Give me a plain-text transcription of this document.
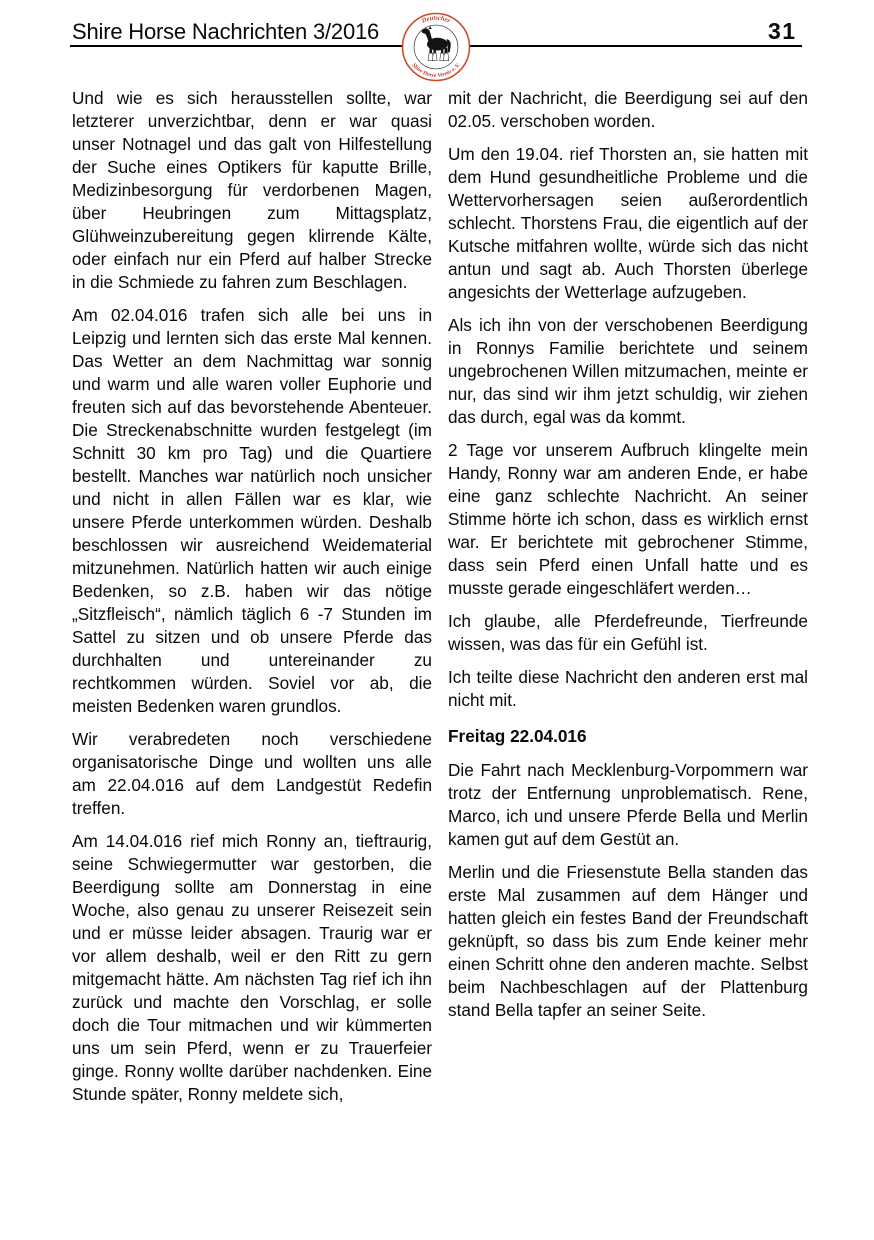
Shire Horse Nachrichten 3/2016	31
Deutscher
Shire Horse Verein e. V.

Und wie es sich herausstellen sollte, war letzterer unverzichtbar, denn er war quasi unser Notnagel und das galt von Hilfestellung der Suche eines Optikers für kaputte Brille, Medizinbesorgung für verdorbenen Magen, über Heubringen zum Mittagsplatz, Glühweinzubereitung gegen klirrende Kälte, oder einfach nur ein Pferd auf halber Strecke in die Schmiede zu fahren zum Beschlagen.

Am 02.04.016 trafen sich alle bei uns in Leipzig und lernten sich das erste Mal kennen. Das Wetter an dem Nachmittag war sonnig und warm und alle waren voller Euphorie und freuten sich auf das bevorstehende Abenteuer. Die Streckenabschnitte wurden festgelegt (im Schnitt 30 km pro Tag) und die Quartiere bestellt. Manches war natürlich noch unsicher und nicht in allen Fällen war es klar, wie unsere Pferde unterkommen würden. Deshalb beschlossen wir ausreichend Weidematerial mitzunehmen. Natürlich hatten wir auch einige Bedenken, so z.B. haben wir das nötige „Sitzfleisch“, nämlich täglich 6 -7 Stunden im Sattel zu sitzen und ob unsere Pferde das durchhalten und untereinander zu rechtkommen würden. Soviel vor ab, die meisten Bedenken waren grundlos.

Wir verabredeten noch verschiedene organisatorische Dinge und wollten uns alle am 22.04.016 auf dem Landgestüt Redefin treffen.

Am 14.04.016 rief mich Ronny an, tieftraurig, seine Schwiegermutter war gestorben, die Beerdigung sollte am Donnerstag in eine Woche, also genau zu unserer Reisezeit sein und er müsse leider absagen. Traurig war er vor allem deshalb, weil er den Ritt zu gern mitgemacht hätte. Am nächsten Tag rief ich ihn zurück und machte den Vorschlag, er solle doch die Tour mitmachen und wir kümmerten uns um sein Pferd, wenn er zu Trauerfeier ginge. Ronny wollte darüber nachdenken. Eine Stunde später, Ronny meldete sich,

mit der Nachricht, die Beerdigung sei auf den 02.05. verschoben worden.

Um den 19.04. rief Thorsten an, sie hatten mit dem Hund gesundheitliche Probleme und die Wettervorhersagen seien außerordentlich schlecht. Thorstens Frau, die eigentlich auf der Kutsche mitfahren wollte, würde sich das nicht antun und sagt ab. Auch Thorsten überlege angesichts der Wetterlage aufzugeben.

Als ich ihn von der verschobenen Beerdigung in Ronnys Familie berichtete und seinem ungebrochenen Willen mitzumachen, meinte er nur, das sind wir ihm jetzt schuldig, wir ziehen das durch, egal was da kommt.

2 Tage vor unserem Aufbruch klingelte mein Handy, Ronny war am anderen Ende, er habe eine ganz schlechte Nachricht. An seiner Stimme hörte ich schon, dass es wirklich ernst war. Er berichtete mit gebrochener Stimme, dass sein Pferd einen Unfall hatte und es musste gerade eingeschläfert werden…

Ich glaube, alle Pferdefreunde, Tierfreunde wissen, was das für ein Gefühl ist.

Ich teilte diese Nachricht den anderen erst mal nicht mit.

Freitag 22.04.016

Die Fahrt nach Mecklenburg-Vorpommern war trotz der Entfernung unproblematisch. Rene, Marco, ich und unsere Pferde Bella und Merlin kamen gut auf dem Gestüt an.

Merlin und die Friesenstute Bella standen das erste Mal zusammen auf dem Hänger und hatten gleich ein festes Band der Freundschaft geknüpft, so dass bis zum Ende keiner mehr einen Schritt ohne den anderen machte. Selbst beim Nachbeschlagen auf der Plattenburg stand Bella tapfer an seiner Seite.
